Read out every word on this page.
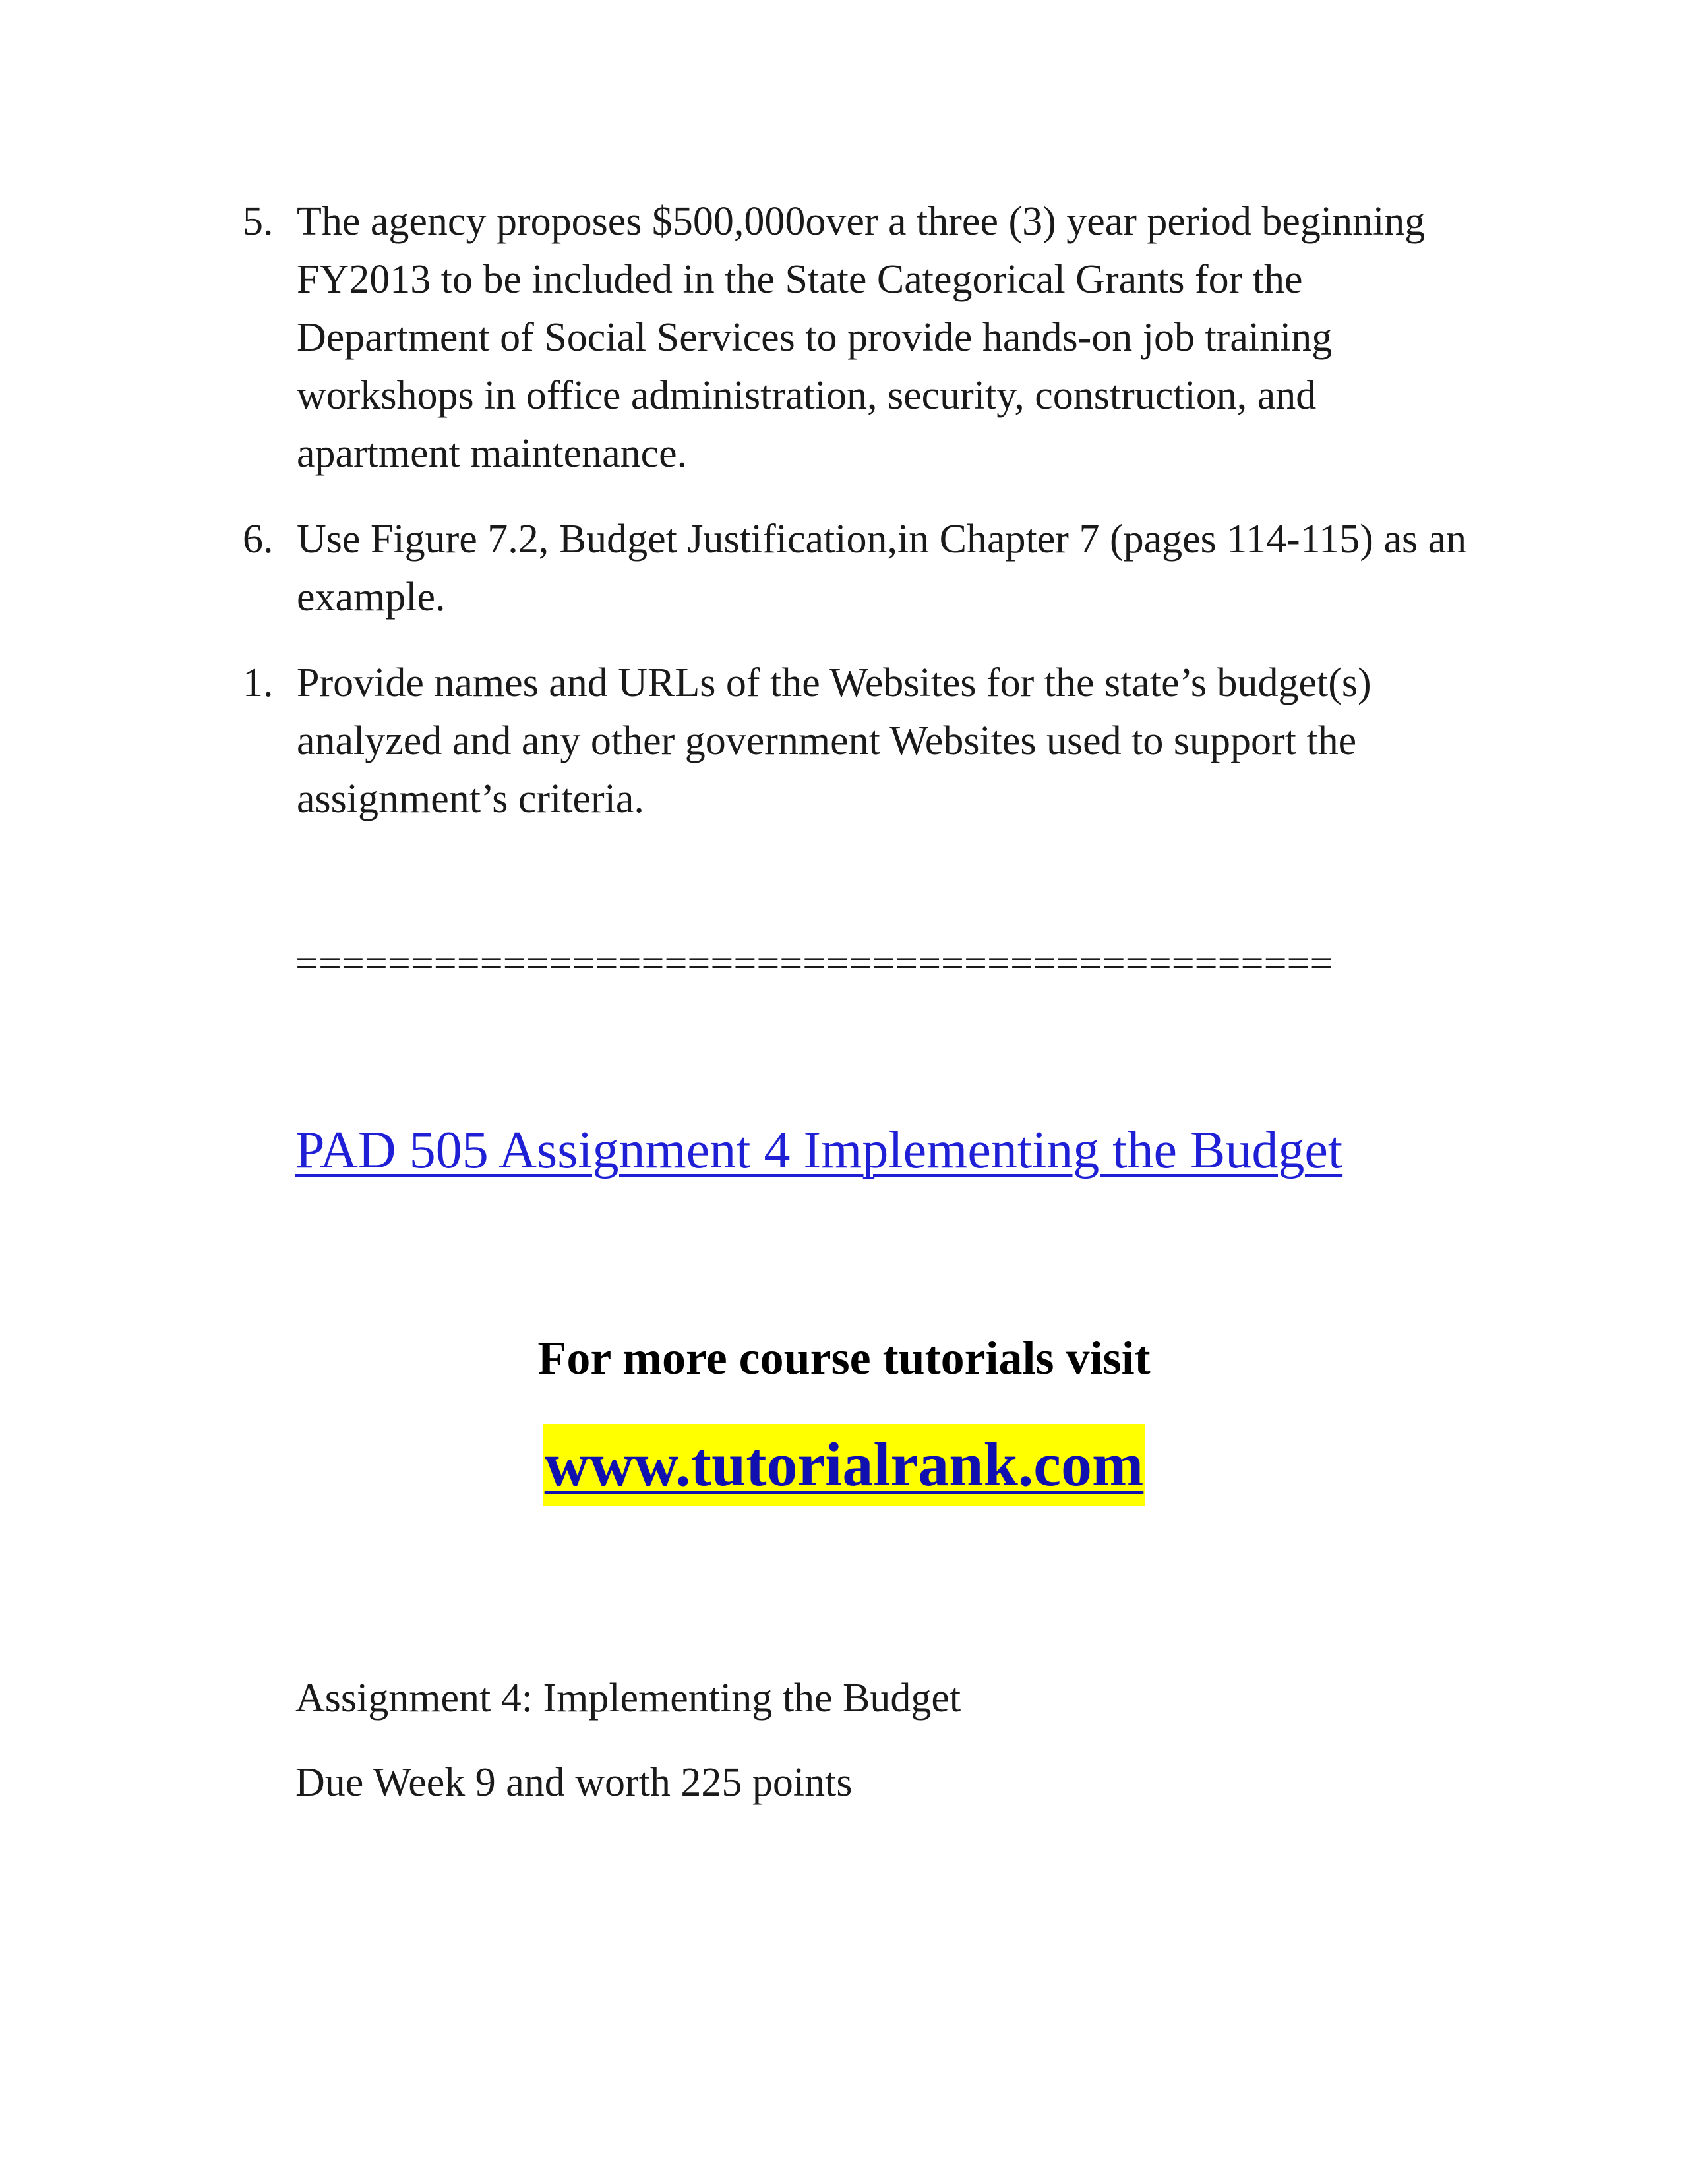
5. The agency proposes $500,000over a three (3) year period beginning FY2013 to be included in the State Categorical Grants for the Department of Social Services to provide hands-on job training workshops in office administration, security, construction, and apartment maintenance.
6. Use Figure 7.2, Budget Justification,in Chapter 7 (pages 114-115) as an example.
1. Provide names and URLs of the Websites for the state’s budget(s) analyzed and any other government Websites used to support the assignment’s criteria.
=============================================
PAD 505 Assignment 4 Implementing the Budget
For more course tutorials visit
www.tutorialrank.com
Assignment 4: Implementing the Budget
Due Week 9 and worth 225 points
